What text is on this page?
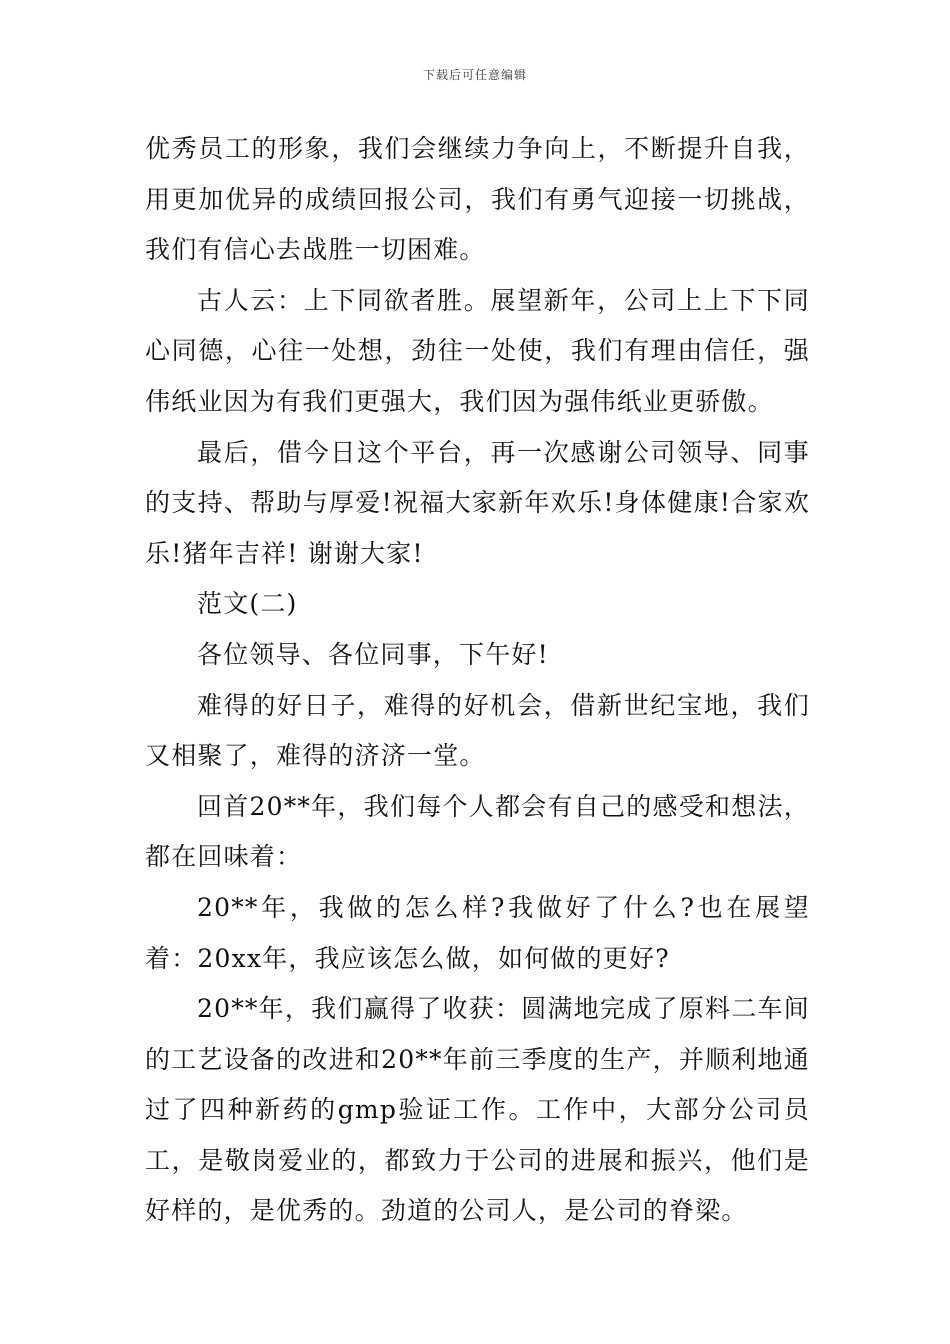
下载后可任意编辑

优秀员工的形象，我们会继续力争向上，不断提升自我，用更加优异的成绩回报公司，我们有勇气迎接一切挑战，我们有信心去战胜一切困难。

古人云：上下同欲者胜。展望新年，公司上上下下同心同德，心往一处想，劲往一处使，我们有理由信任，强伟纸业因为有我们更强大，我们因为强伟纸业更骄傲。

最后，借今日这个平台，再一次感谢公司领导、同事的支持、帮助与厚爱!祝福大家新年欢乐!身体健康!合家欢乐!猪年吉祥! 谢谢大家!

范文(二)

各位领导、各位同事，下午好!

难得的好日子，难得的好机会，借新世纪宝地，我们又相聚了，难得的济济一堂。

回首20**年，我们每个人都会有自己的感受和想法，都在回味着：

20**年，我做的怎么样?我做好了什么?也在展望着：20xx年，我应该怎么做，如何做的更好?

20**年，我们赢得了收获：圆满地完成了原料二车间的工艺设备的改进和20**年前三季度的生产，并顺利地通过了四种新药的gmp验证工作。工作中，大部分公司员工，是敬岗爱业的，都致力于公司的进展和振兴，他们是好样的，是优秀的。劲道的公司人，是公司的脊梁。
